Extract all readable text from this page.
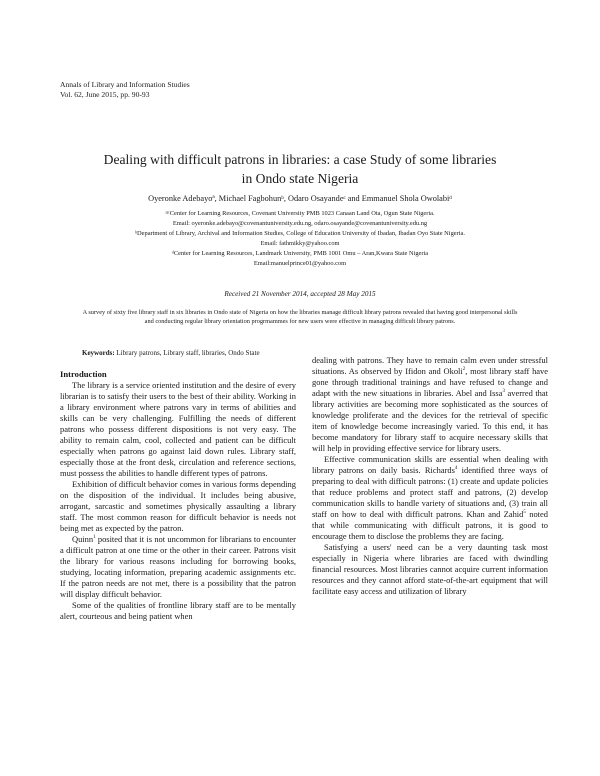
Annals of Library and Information Studies
Vol. 62, June 2015, pp. 90-93
Dealing with difficult patrons in libraries: a case Study of some libraries
in Ondo state Nigeria
Oyeronke Adebayoª, Michael Fagbohunᵇ, Odaro Osayandeᶜ and Emmanuel Shola Owolabiᵈ
ᵃʲᶜCenter for Learning Resources, Covenant University PMB 1023 Canaan Land Ota, Ogun State Nigeria.
Email: oyeronke.adebayo@covenantuniversity.edu.ng, odaro.osayande@covenantuniversity.edu.ng
ᵇDepartment of Library, Archival and Information Studies, College of Education University of Ibadan, Ibadan Oyo State Nigeria.
Email: fathmikky@yahoo.com
ᵈCenter for Learning Resources, Landmark University, PMB 1001 Omu – Aran,Kwara State Nigeria
Email:manuelprince01@yahoo.com
Received 21 November 2014, accepted 28 May 2015
A survey of sixty five library staff in six libraries in Ondo state of Nigeria on how the libraries manage difficult library patrons revealed that having good interpersonal skills and conducting regular library orientation progrmammes for new users were effective in managing difficult library patrons.
Keywords: Library patrons, Library staff, libraries, Ondo State
Introduction

The library is a service oriented institution and the desire of every librarian is to satisfy their users to the best of their ability. Working in a library environment where patrons vary in terms of abilities and skills can be very challenging. Fulfilling the needs of different patrons who possess different dispositions is not very easy. The ability to remain calm, cool, collected and patient can be difficult especially when patrons go against laid down rules. Library staff, especially those at the front desk, circulation and reference sections, must possess the abilities to handle different types of patrons.

Exhibition of difficult behavior comes in various forms depending on the disposition of the individual. It includes being abusive, arrogant, sarcastic and sometimes physically assaulting a library staff. The most common reason for difficult behavior is needs not being met as expected by the patron.

Quinn$^1$ posited that it is not uncommon for librarians to encounter a difficult patron at one time or the other in their career. Patrons visit the library for various reasons including for borrowing books, studying, locating information, preparing academic assignments etc. If the patron needs are not met, there is a possibility that the patron will display difficult behavior.

Some of the qualities of frontline library staff are to be mentally alert, courteous and being patient when

dealing with patrons. They have to remain calm even under stressful situations. As observed by Ifidon and Okoli$^2$, most library staff have gone through traditional trainings and have refused to change and adapt with the new situations in libraries. Abel and Issa$^3$ averred that library activities are becoming more sophisticated as the sources of knowledge proliferate and the devices for the retrieval of specific item of knowledge become increasingly varied. To this end, it has become mandatory for library staff to acquire necessary skills that will help in providing effective service for library users.

Effective communication skills are essential when dealing with library patrons on daily basis. Richards$^4$ identified three ways of preparing to deal with difficult patrons: (1) create and update policies that reduce problems and protect staff and patrons, (2) develop communication skills to handle variety of situations and, (3) train all staff on how to deal with difficult patrons. Khan and Zahid$^5$ noted that while communicating with difficult patrons, it is good to encourage them to disclose the problems they are facing.

Satisfying a users' need can be a very daunting task most especially in Nigeria where libraries are faced with dwindling financial resources. Most libraries cannot acquire current information resources and they cannot afford state-of-the-art equipment that will facilitate easy access and utilization of library
